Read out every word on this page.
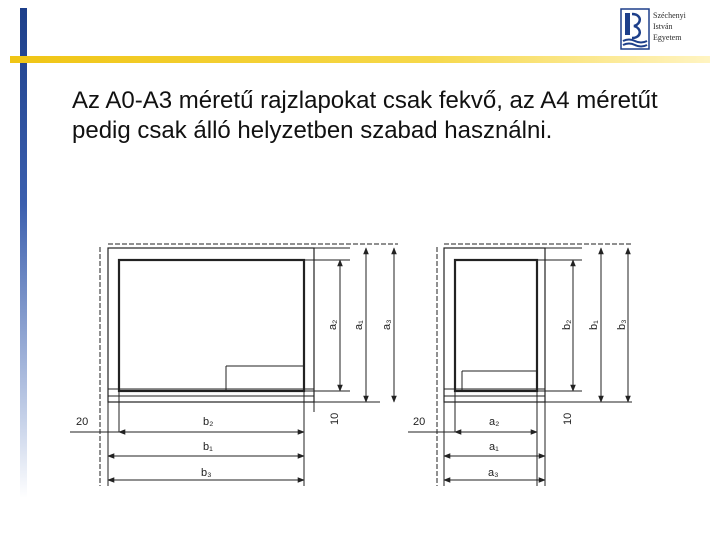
Széchenyi
István
Egyetem
Az A0-A3 méretű rajzlapokat csak fekvő, az A4 méretűt pedig csak álló helyzetben szabad használni.
20	b₂
b₁
b₃
10
a₂ a₁ a₃
20	a₂
a₁
a₃
10
b₂ b₁ b₃
